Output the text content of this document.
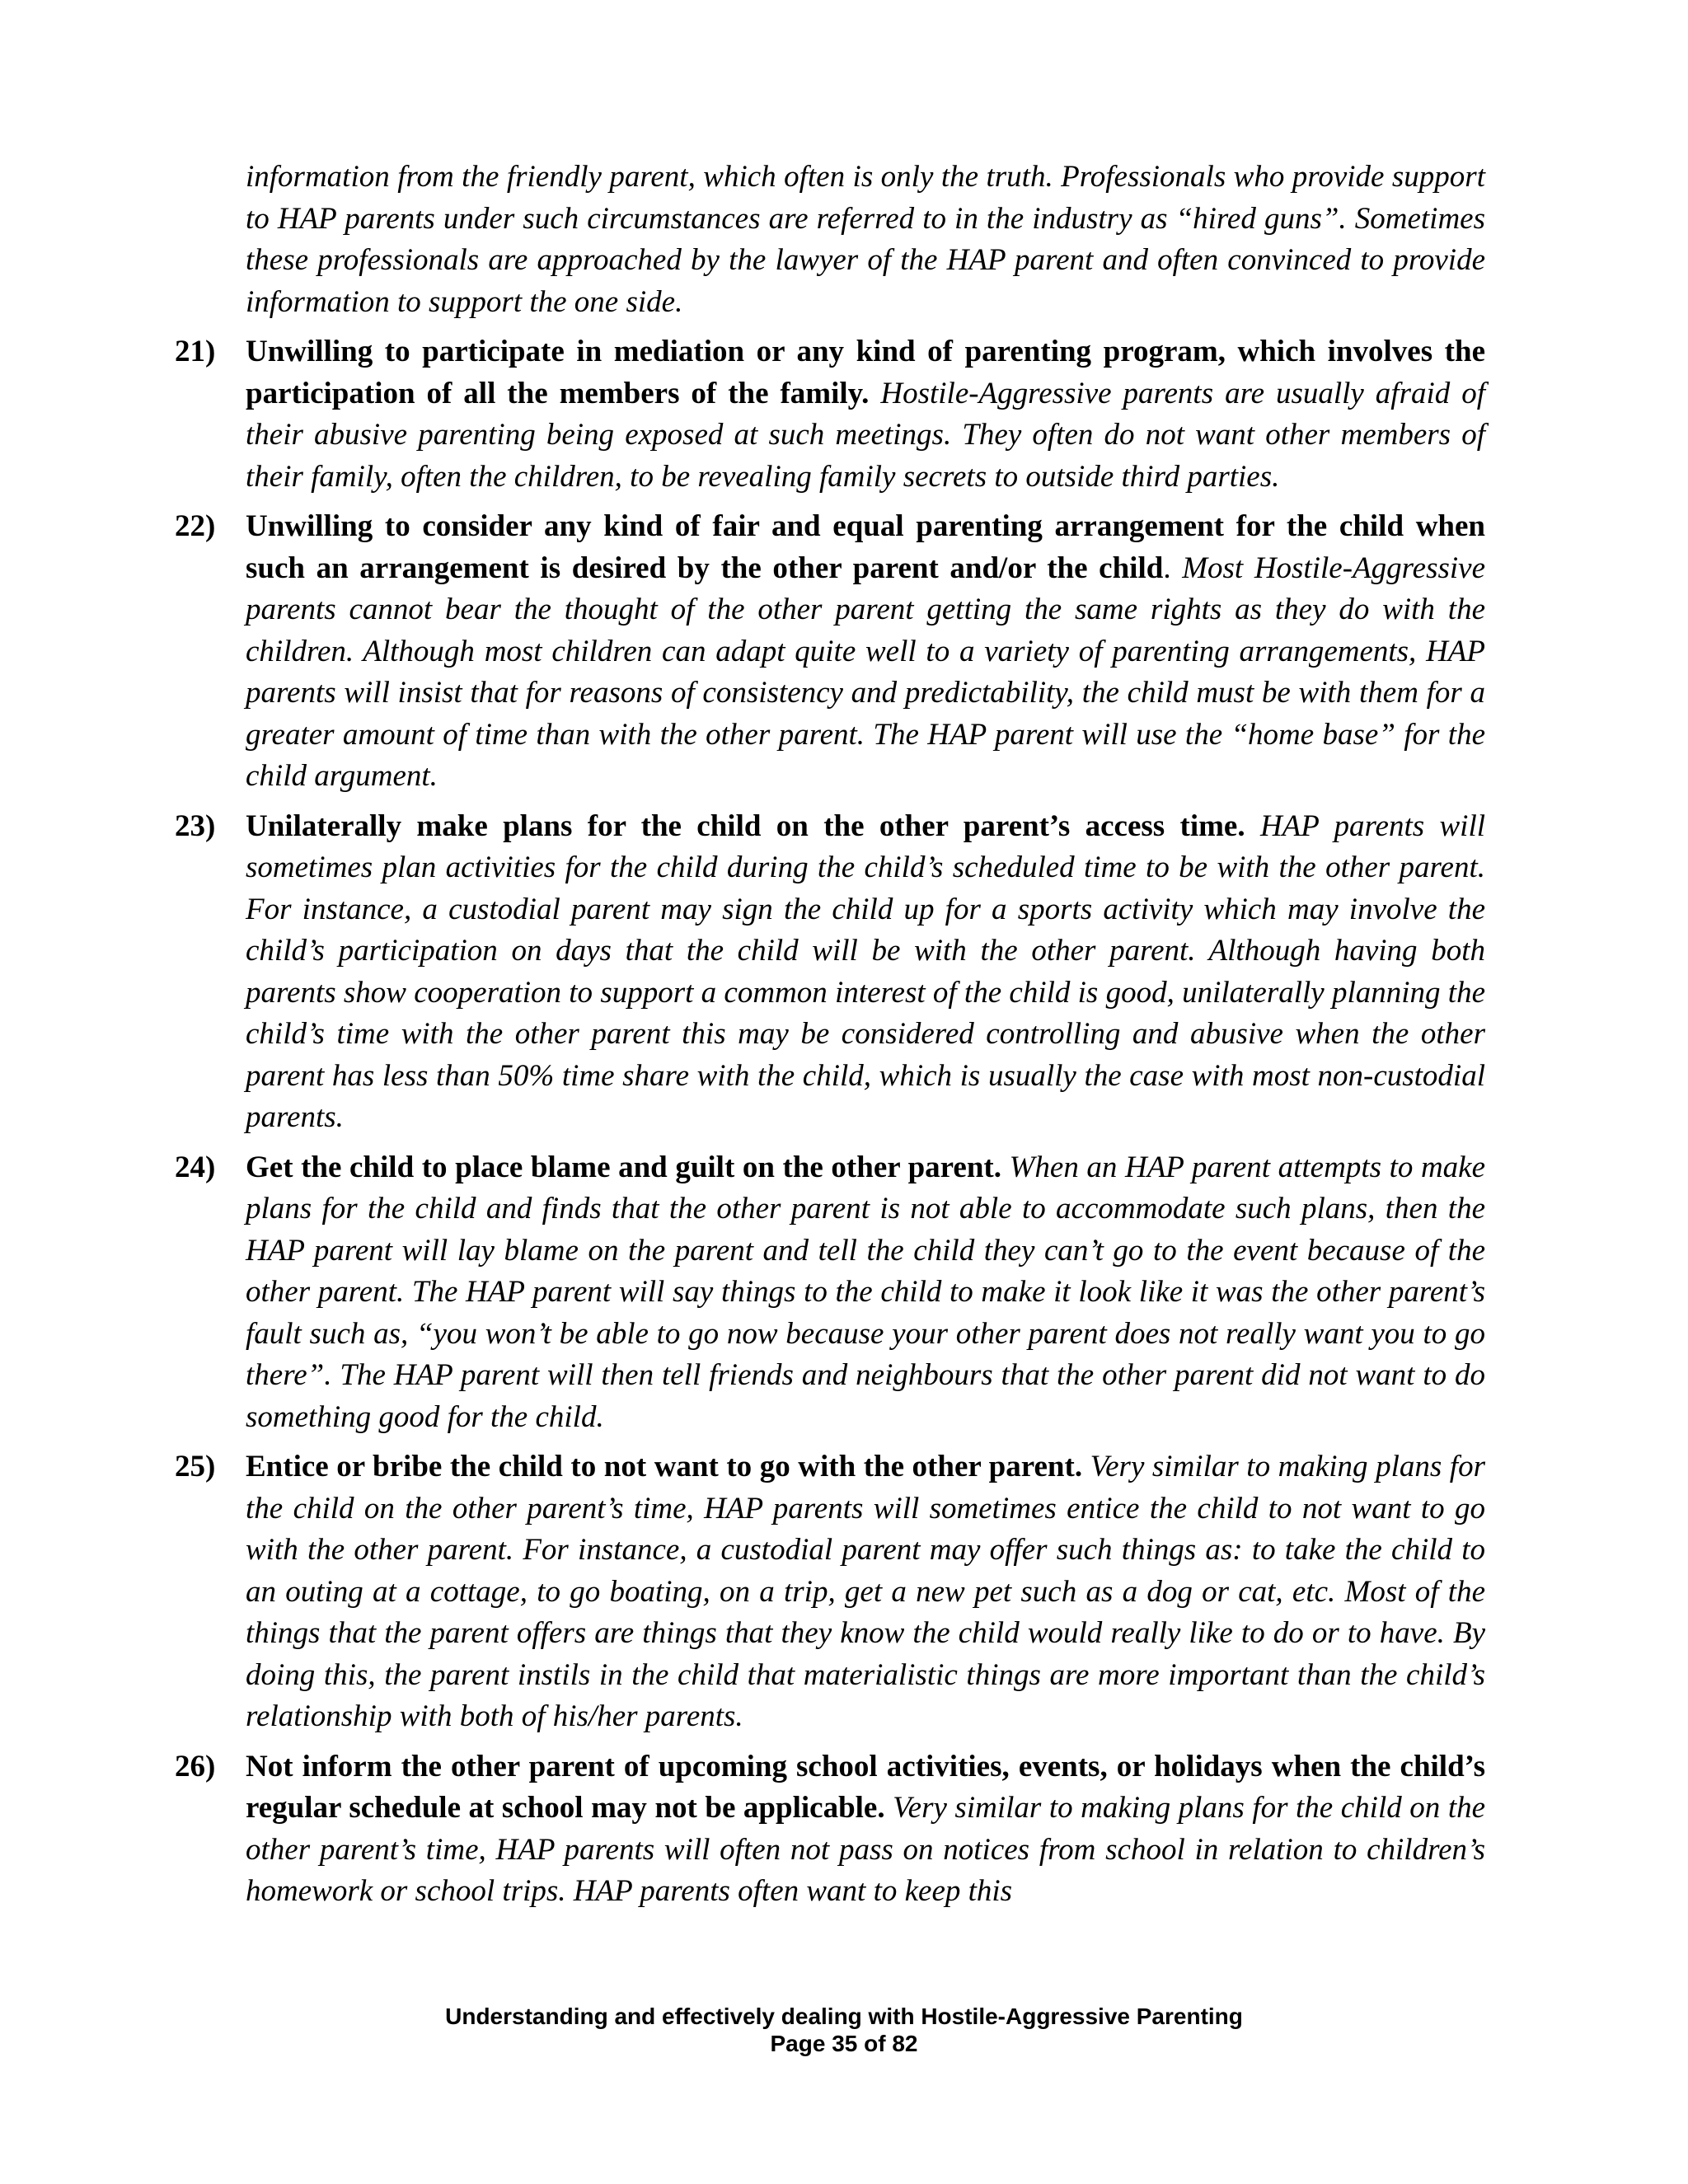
information from the friendly parent, which often is only the truth. Professionals who provide support to HAP parents under such circumstances are referred to in the industry as “hired guns”. Sometimes these professionals are approached by the lawyer of the HAP parent and often convinced to provide information to support the one side.

21) Unwilling to participate in mediation or any kind of parenting program, which involves the participation of all the members of the family. Hostile-Aggressive parents are usually afraid of their abusive parenting being exposed at such meetings. They often do not want other members of their family, often the children, to be revealing family secrets to outside third parties.
22) Unwilling to consider any kind of fair and equal parenting arrangement for the child when such an arrangement is desired by the other parent and/or the child. Most Hostile-Aggressive parents cannot bear the thought of the other parent getting the same rights as they do with the children. Although most children can adapt quite well to a variety of parenting arrangements, HAP parents will insist that for reasons of consistency and predictability, the child must be with them for a greater amount of time than with the other parent. The HAP parent will use the “home base” for the child argument.
23) Unilaterally make plans for the child on the other parent’s access time. HAP parents will sometimes plan activities for the child during the child’s scheduled time to be with the other parent. For instance, a custodial parent may sign the child up for a sports activity which may involve the child’s participation on days that the child will be with the other parent. Although having both parents show cooperation to support a common interest of the child is good, unilaterally planning the child’s time with the other parent this may be considered controlling and abusive when the other parent has less than 50% time share with the child, which is usually the case with most non-custodial parents.
24) Get the child to place blame and guilt on the other parent. When an HAP parent attempts to make plans for the child and finds that the other parent is not able to accommodate such plans, then the HAP parent will lay blame on the parent and tell the child they can’t go to the event because of the other parent. The HAP parent will say things to the child to make it look like it was the other parent’s fault such as, “you won’t be able to go now because your other parent does not really want you to go there”. The HAP parent will then tell friends and neighbours that the other parent did not want to do something good for the child.
25) Entice or bribe the child to not want to go with the other parent. Very similar to making plans for the child on the other parent’s time, HAP parents will sometimes entice the child to not want to go with the other parent. For instance, a custodial parent may offer such things as: to take the child to an outing at a cottage, to go boating, on a trip, get a new pet such as a dog or cat, etc. Most of the things that the parent offers are things that they know the child would really like to do or to have. By doing this, the parent instils in the child that materialistic things are more important than the child’s relationship with both of his/her parents.
26) Not inform the other parent of upcoming school activities, events, or holidays when the child’s regular schedule at school may not be applicable. Very similar to making plans for the child on the other parent’s time, HAP parents will often not pass on notices from school in relation to children’s homework or school trips. HAP parents often want to keep this
Understanding and effectively dealing with Hostile-Aggressive Parenting
Page 35 of 82
